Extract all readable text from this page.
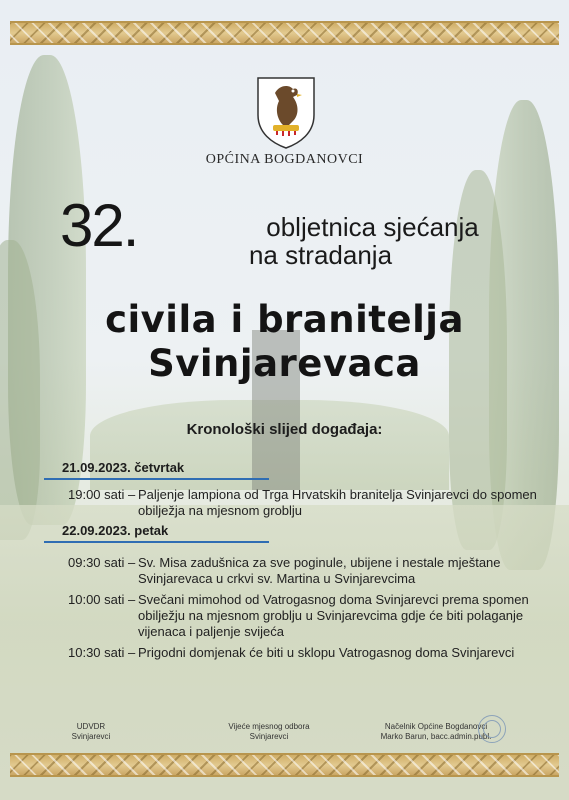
OPĆINA BOGDANOVCI
32.	obljetnica sjećanja
na stradanja
civila i branitelja
Svinjarevaca
Kronološki slijed događaja:
21.09.2023. četvrtak
19:00 sati – Paljenje lampiona od Trga Hrvatskih branitelja Svinjarevci do spomen obilježja na mjesnom groblju
22.09.2023. petak
09:30 sati – Sv. Misa zadušnica za sve poginule, ubijene i nestale mještane Svinjarevaca u crkvi sv. Martina u Svinjarevcima
10:00 sati – Svečani mimohod od Vatrogasnog doma Svinjarevci prema spomen obilježju na mjesnom groblju u Svinjarevcima gdje će biti polaganje vijenaca i paljenje svijeća
10:30 sati – Prigodni domjenak će biti u sklopu Vatrogasnog doma Svinjarevci
UDVDR
Svinjarevci
Vijeće mjesnog odbora
Svinjarevci
Načelnik Općine Bogdanovci
Marko Barun, bacc.admin.publ.
